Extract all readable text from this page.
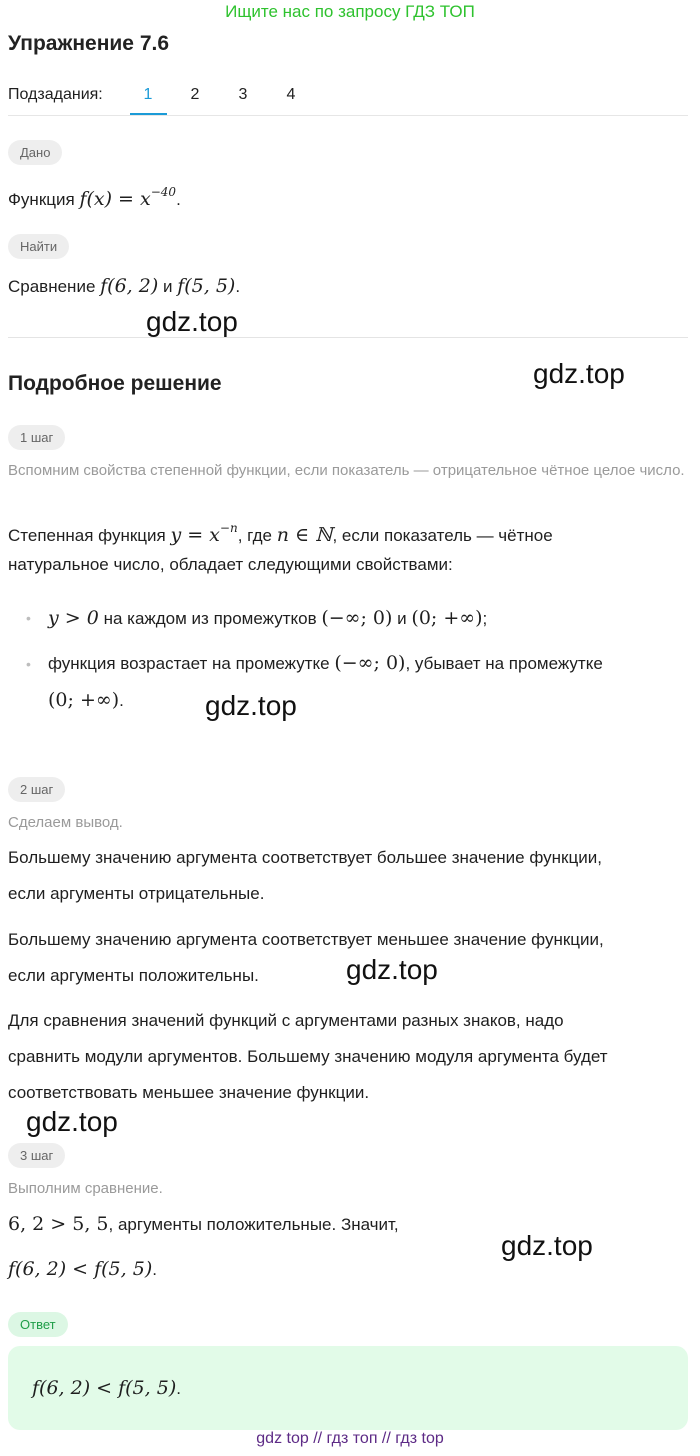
Ищите нас по запросу ГДЗ ТОП
Упражнение 7.6
Подзадания:	1	2	3	4
Дано
Функция $f(x) = x^{-40}$.
Найти
Сравнение f(6, 2) и f(5, 5).
Подробное решение
1 шаг
Вспомним свойства степенной функции, если показатель — отрицательное чётное целое число.
Степенная функция $y = x^{-n}$, где n ∈ ℕ, если показатель — чётное
натуральное число, обладает следующими свойствами:
• y > 0 на каждом из промежутков (−∞; 0) и (0; +∞);
• функция возрастает на промежутке (−∞; 0), убывает на промежутке
(0; +∞).
2 шаг
Сделаем вывод.
Большему значению аргумента соответствует большее значение функции,
если аргументы отрицательные.
Большему значению аргумента соответствует меньшее значение функции,
если аргументы положительны.
Для сравнения значений функций с аргументами разных знаков, надо
сравнить модули аргументов. Большему значению модуля аргумента будет
соответствовать меньшее значение функции.
3 шаг
Выполним сравнение.
6, 2 > 5, 5, аргументы положительные. Значит,
f(6, 2) < f(5, 5).
Ответ
f(6, 2) < f(5, 5).
gdz.top
gdz.top
gdz.top
gdz.top
gdz.top
gdz.top
gdz top // гдз топ // гдз top
